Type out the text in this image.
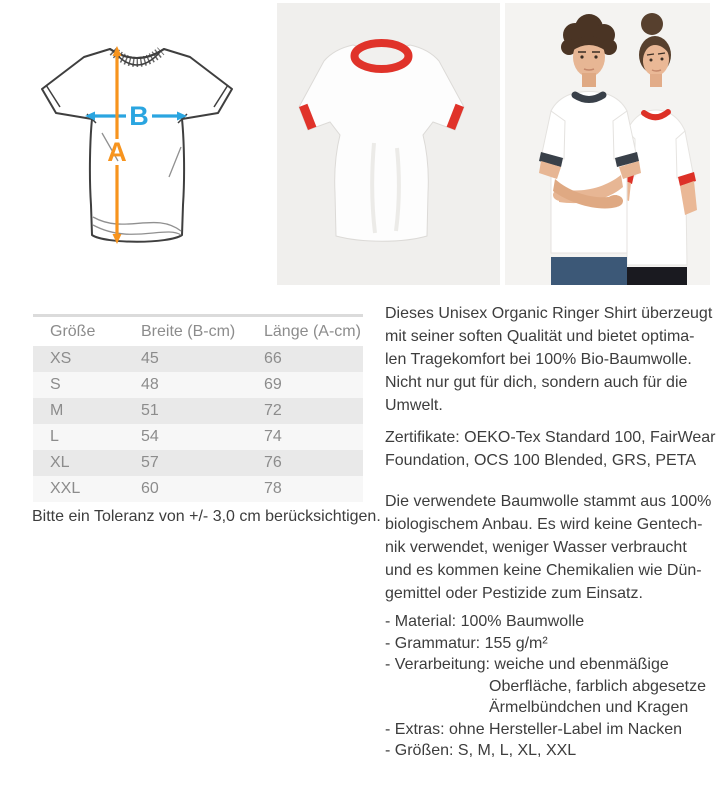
B
A
Größe	Breite (B-cm)	Länge (A-cm)
XS	45	66
S	48	69
M	51	72
L	54	74
XL	57	76
XXL	60	78
Bitte ein Toleranz von +/- 3,0 cm berücksichtigen.
Dieses Unisex Organic Ringer Shirt überzeugt
mit seiner soften Qualität und bietet optima-
len Tragekomfort bei 100% Bio-Baumwolle.
Nicht nur gut für dich, sondern auch für die
Umwelt.
Zertifikate: OEKO-Tex Standard 100, FairWear
Foundation, OCS 100 Blended, GRS, PETA
Die verwendete Baumwolle stammt aus 100%
biologischem Anbau. Es wird keine Gentech-
nik verwendet, weniger Wasser verbraucht
und es kommen keine Chemikalien wie Dün-
gemittel oder Pestizide zum Einsatz.
- Material: 100% Baumwolle
- Grammatur: 155 g/m²
- Verarbeitung: weiche und ebenmäßige
Oberfläche, farblich abgesetze
Ärmelbündchen und Kragen
- Extras: ohne Hersteller-Label im Nacken
- Größen: S, M, L, XL, XXL
